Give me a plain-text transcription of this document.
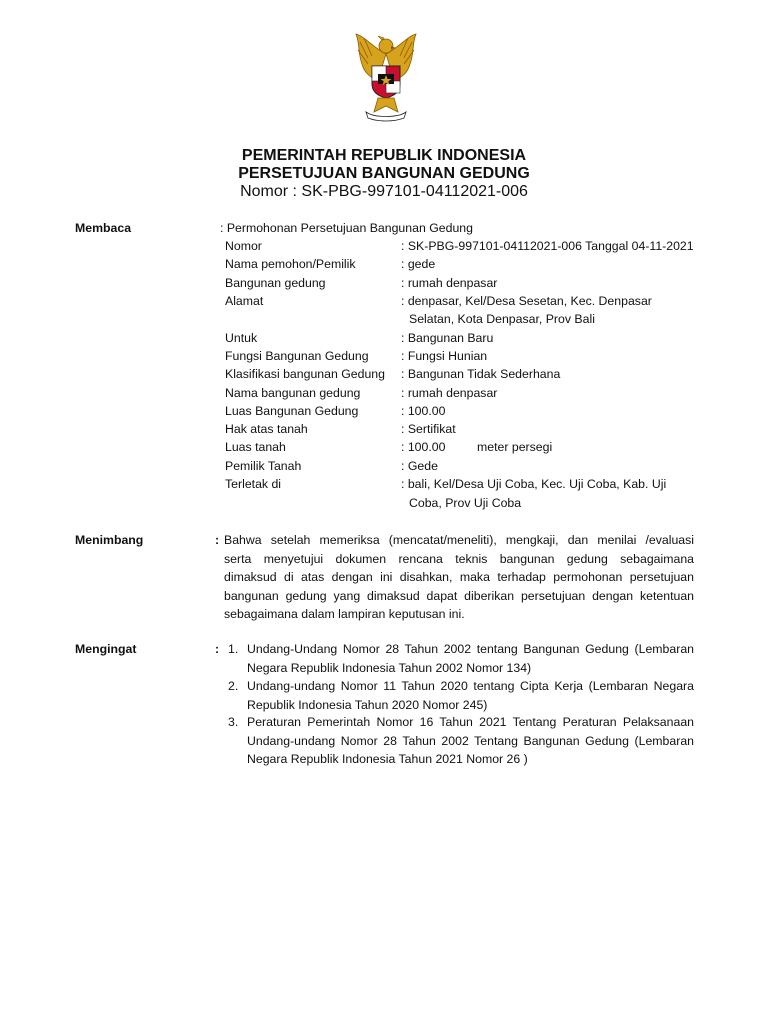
PEMERINTAH REPUBLIK INDONESIA
PERSETUJUAN BANGUNAN GEDUNG
Nomor : SK-PBG-997101-04112021-006
Membaca	: Permohonan Persetujuan Bangunan Gedung
Nomor	: SK-PBG-997101-04112021-006 Tanggal 04-11-2021
Nama pemohon/Pemilik	: gede
Bangunan gedung	: rumah denpasar
Alamat	: denpasar, Kel/Desa Sesetan, Kec. Denpasar
Selatan, Kota Denpasar, Prov Bali
Untuk	: Bangunan Baru
Fungsi Bangunan Gedung	: Fungsi Hunian
Klasifikasi bangunan Gedung : Bangunan Tidak Sederhana
Nama bangunan gedung	: rumah denpasar
Luas Bangunan Gedung	: 100.00
Hak atas tanah	: Sertifikat
Luas tanah	: 100.00	meter persegi
Pemilik Tanah	: Gede
Terletak di	: bali, Kel/Desa Uji Coba, Kec. Uji Coba, Kab. Uji
Coba, Prov Uji Coba
Menimbang	: Bahwa setelah memeriksa (mencatat/meneliti), mengkaji, dan menilai /evaluasi
serta menyetujui dokumen rencana teknis bangunan gedung sebagaimana
dimaksud di atas dengan ini disahkan, maka terhadap permohonan persetujuan
bangunan gedung yang dimaksud dapat diberikan persetujuan dengan ketentuan
sebagaimana dalam lampiran keputusan ini.
Mengingat	: 1. Undang-Undang Nomor 28 Tahun 2002 tentang Bangunan Gedung (Lembaran
Negara Republik Indonesia Tahun 2002 Nomor 134)
2. Undang-undang Nomor 11 Tahun 2020 tentang Cipta Kerja (Lembaran Negara
Republik Indonesia Tahun 2020 Nomor 245)
3. Peraturan Pemerintah Nomor 16 Tahun 2021 Tentang Peraturan Pelaksanaan
Undang-undang Nomor 28 Tahun 2002 Tentang Bangunan Gedung (Lembaran
Negara Republik Indonesia Tahun 2021 Nomor 26 )
